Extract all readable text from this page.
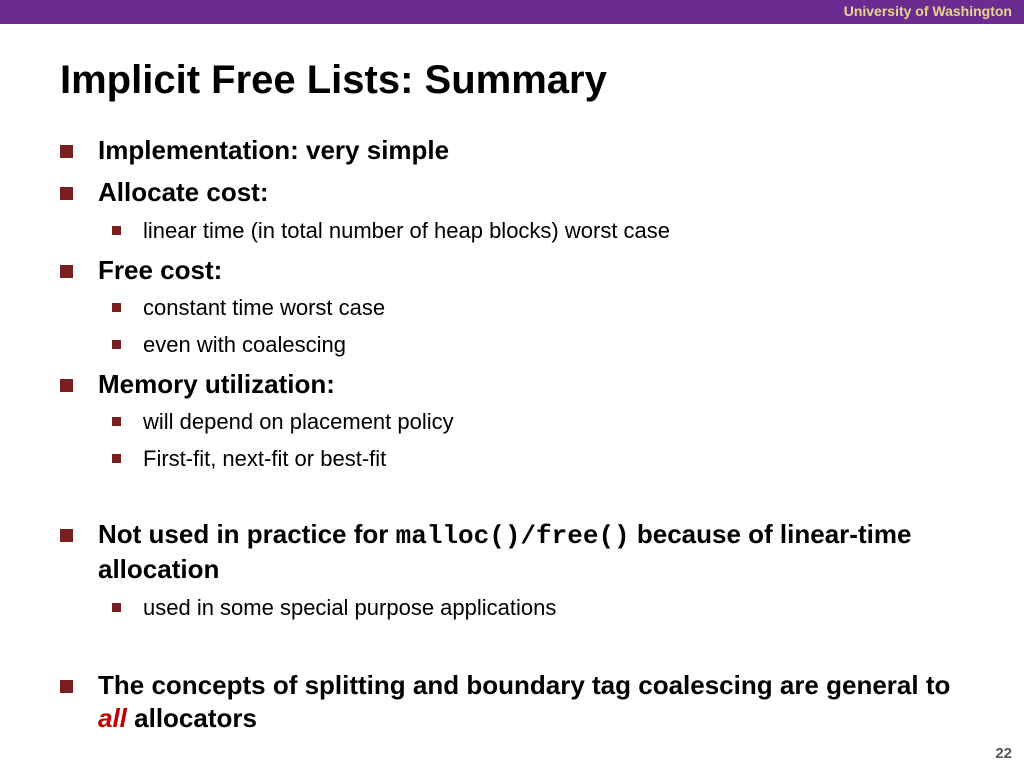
University of Washington
Implicit Free Lists: Summary
Implementation: very simple
Allocate cost:
linear time (in total number of heap blocks) worst case
Free cost:
constant time worst case
even with coalescing
Memory utilization:
will depend on placement policy
First-fit, next-fit or best-fit
Not used in practice for malloc()/free() because of linear-time allocation
used in some special purpose applications
The concepts of splitting and boundary tag coalescing are general to all allocators
22
